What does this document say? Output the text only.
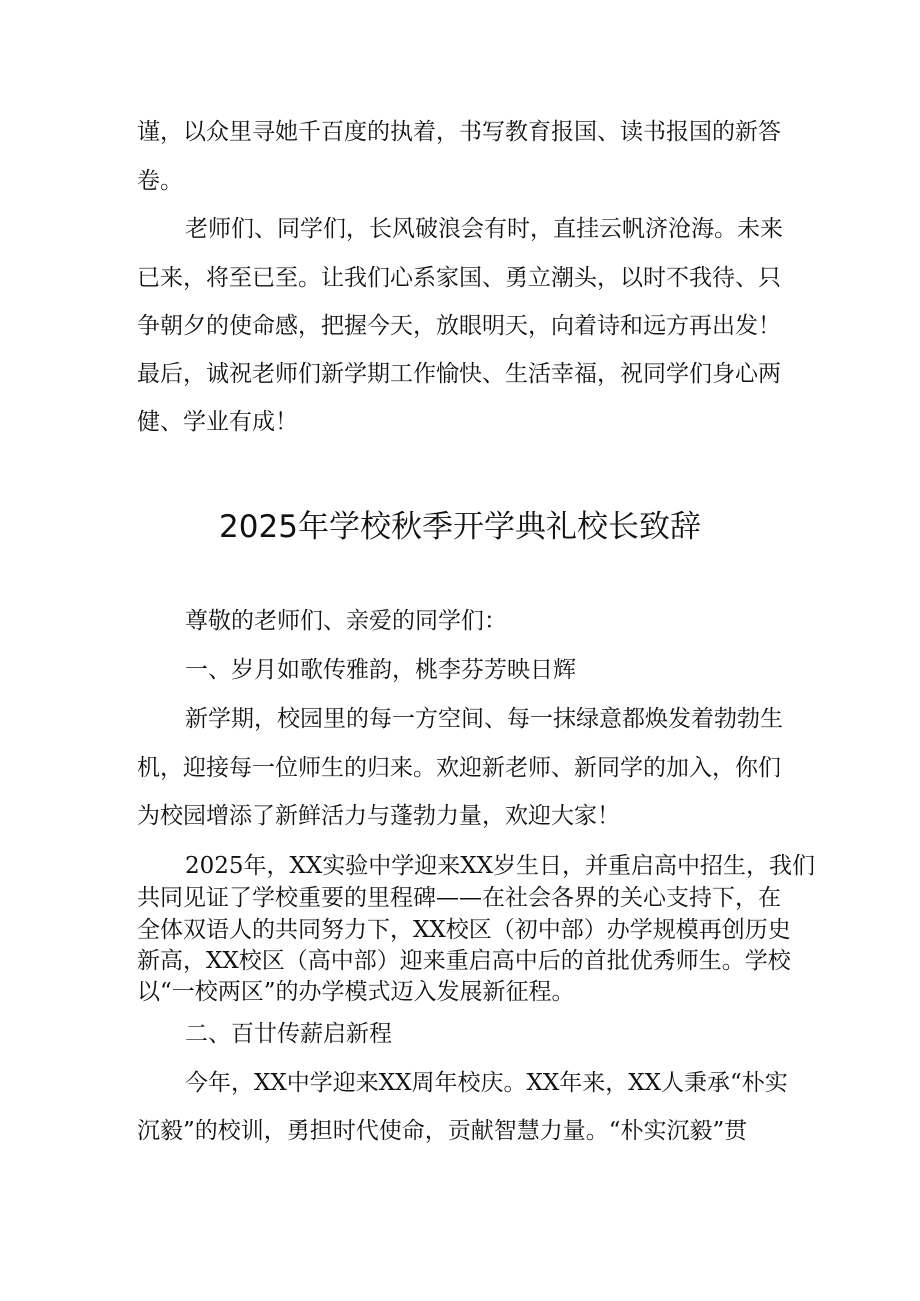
谨，以众里寻她千百度的执着，书写教育报国、读书报国的新答
卷。
老师们、同学们，长风破浪会有时，直挂云帆济沧海。未来
已来，将至已至。让我们心系家国、勇立潮头，以时不我待、只
争朝夕的使命感，把握今天，放眼明天，向着诗和远方再出发！
最后，诚祝老师们新学期工作愉快、生活幸福，祝同学们身心两
健、学业有成！
2025年学校秋季开学典礼校长致辞
尊敬的老师们、亲爱的同学们：
一、岁月如歌传雅韵，桃李芬芳映日辉
新学期，校园里的每一方空间、每一抹绿意都焕发着勃勃生
机，迎接每一位师生的归来。欢迎新老师、新同学的加入，你们
为校园增添了新鲜活力与蓬勃力量，欢迎大家！
2025年，XX实验中学迎来XX岁生日，并重启高中招生，我们
共同见证了学校重要的里程碑——在社会各界的关心支持下，在
全体双语人的共同努力下，XX校区（初中部）办学规模再创历史
新高，XX校区（高中部）迎来重启高中后的首批优秀师生。学校
以“一校两区”的办学模式迈入发展新征程。
二、百廿传薪启新程
今年，XX中学迎来XX周年校庆。XX年来，XX人秉承“朴实
沉毅”的校训，勇担时代使命，贡献智慧力量。“朴实沉毅”贯
